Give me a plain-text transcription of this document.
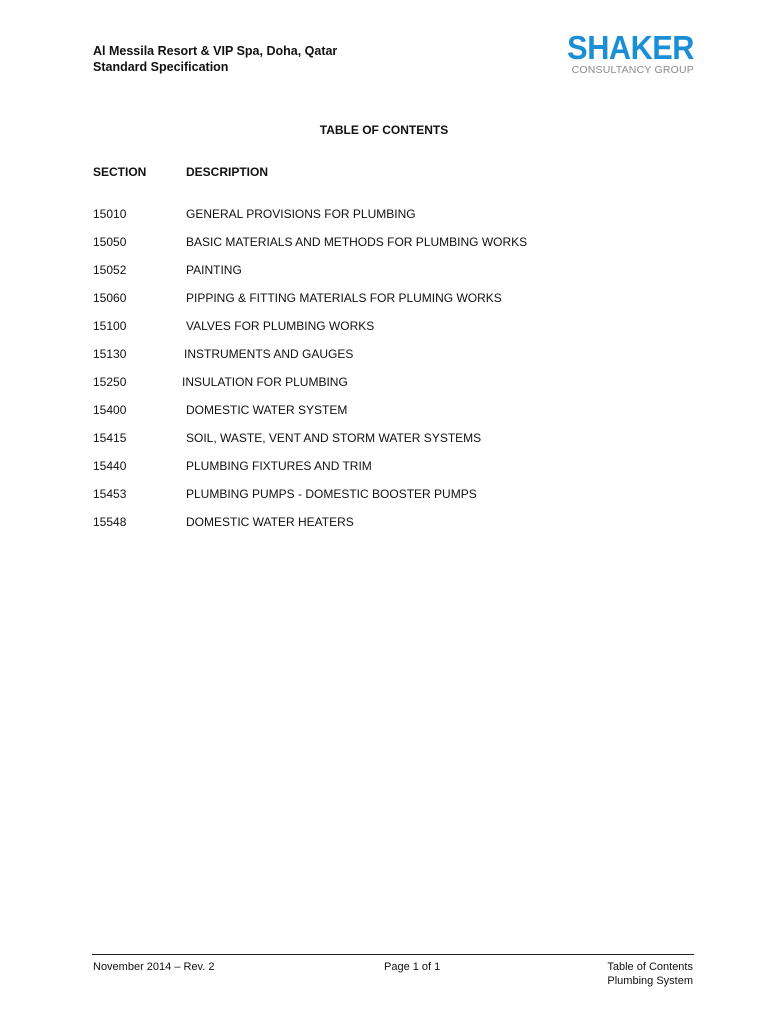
Al Messila Resort & VIP Spa, Doha, Qatar
Standard Specification
SHAKER
CONSULTANCY GROUP
TABLE OF CONTENTS
SECTION	DESCRIPTION
15010	GENERAL PROVISIONS FOR PLUMBING
15050	BASIC MATERIALS AND METHODS FOR PLUMBING WORKS
15052	PAINTING
15060	PIPPING & FITTING MATERIALS FOR PLUMING WORKS
15100	VALVES FOR PLUMBING WORKS
15130	INSTRUMENTS AND GAUGES
15250	INSULATION FOR PLUMBING
15400	DOMESTIC WATER SYSTEM
15415	SOIL, WASTE, VENT AND STORM WATER SYSTEMS
15440	PLUMBING FIXTURES AND TRIM
15453	PLUMBING PUMPS - DOMESTIC BOOSTER PUMPS
15548	DOMESTIC WATER HEATERS
November 2014 – Rev. 2	Page 1 of 1	Table of Contents
Plumbing System
